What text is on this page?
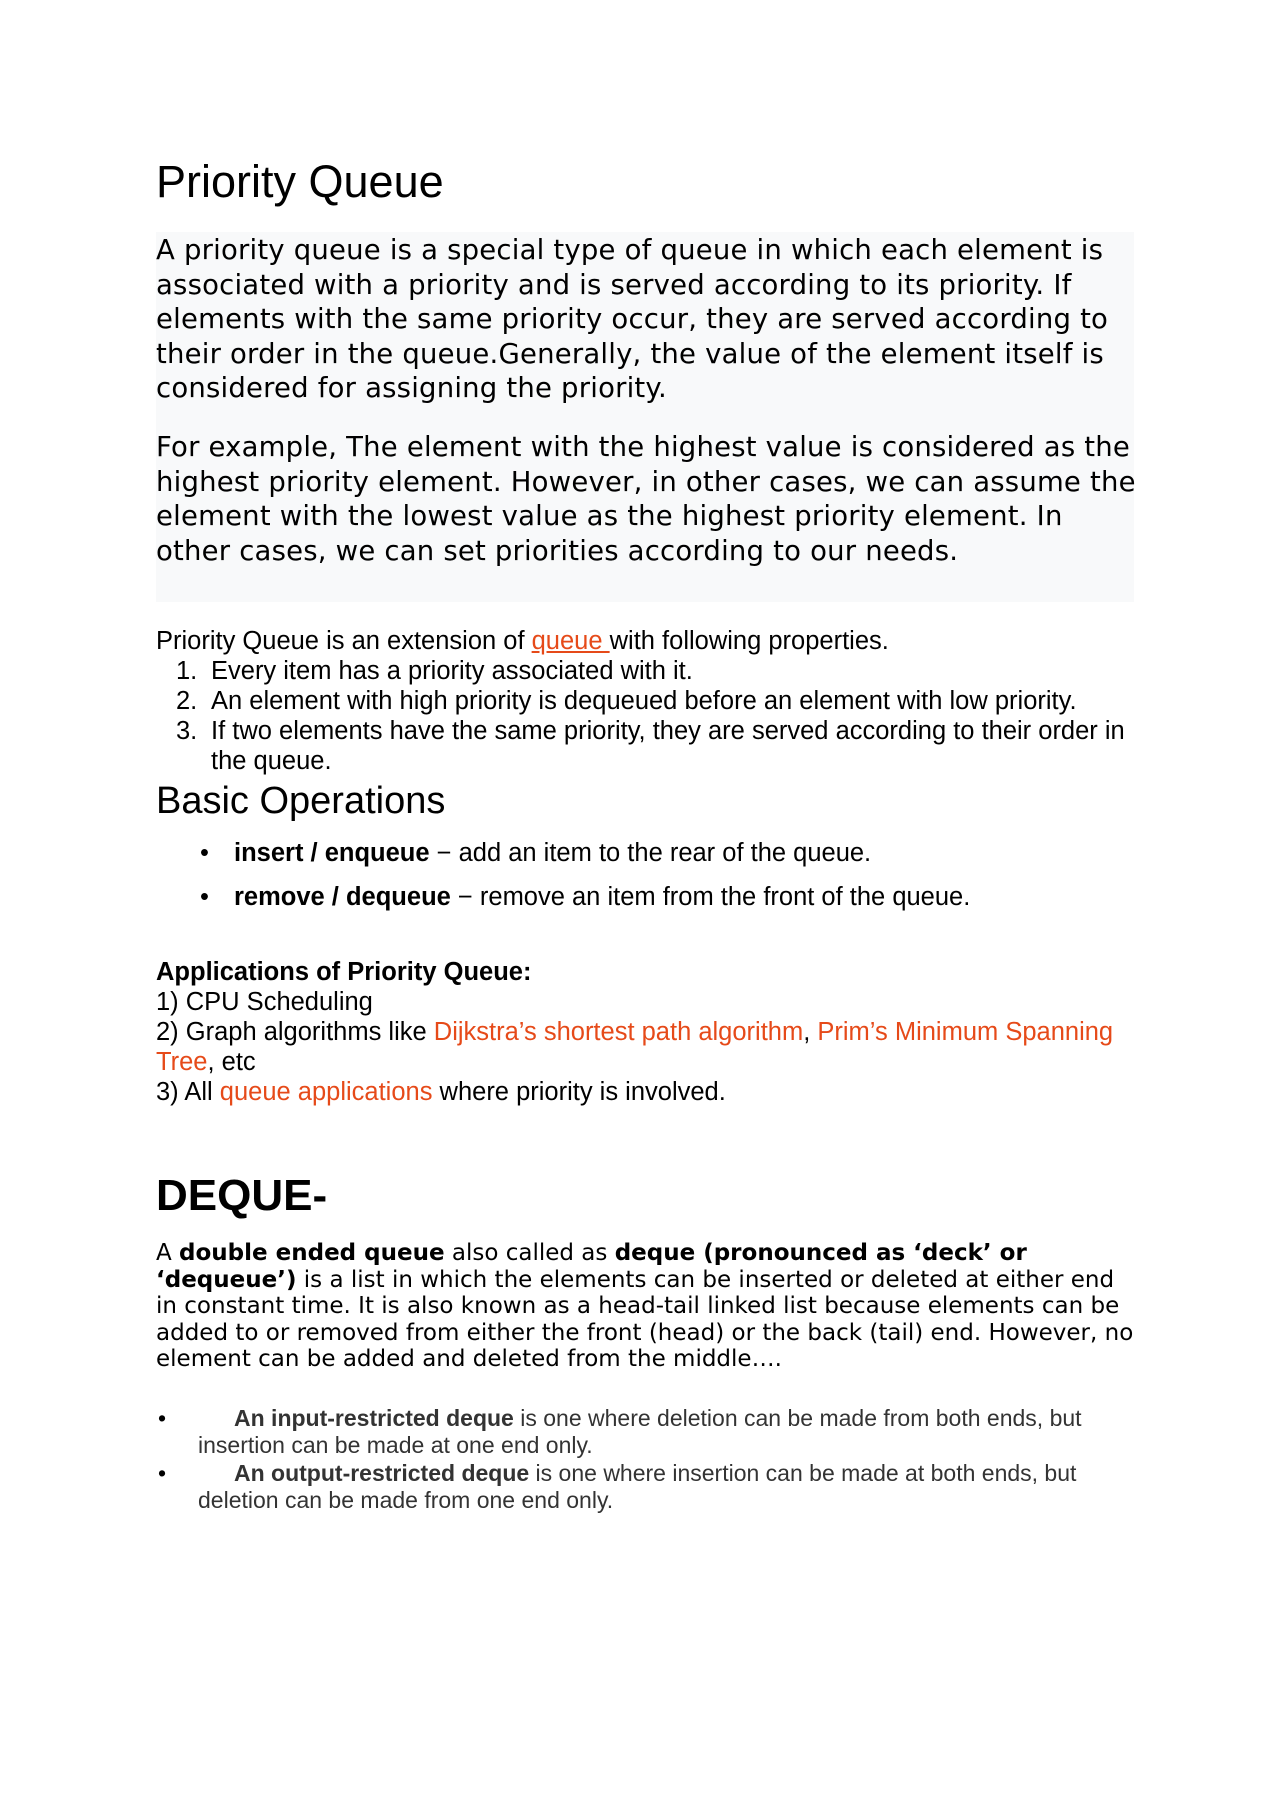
Priority Queue
A priority queue is a special type of queue in which each element is associated with a priority and is served according to its priority. If elements with the same priority occur, they are served according to their order in the queue.Generally, the value of the element itself is considered for assigning the priority.
For example, The element with the highest value is considered as the highest priority element. However, in other cases, we can assume the element with the lowest value as the highest priority element. In other cases, we can set priorities according to our needs.
Priority Queue is an extension of queue with following properties.
1. Every item has a priority associated with it.
2. An element with high priority is dequeued before an element with low priority.
3. If two elements have the same priority, they are served according to their order in the queue.
Basic Operations
• insert / enqueue − add an item to the rear of the queue.
• remove / dequeue − remove an item from the front of the queue.
Applications of Priority Queue:
1) CPU Scheduling
2) Graph algorithms like Dijkstra’s shortest path algorithm, Prim’s Minimum Spanning Tree, etc
3) All queue applications where priority is involved.
DEQUE-
A double ended queue also called as deque (pronounced as ‘deck’ or ‘dequeue’) is a list in which the elements can be inserted or deleted at either end in constant time. It is also known as a head-tail linked list because elements can be added to or removed from either the front (head) or the back (tail) end. However, no element can be added and deleted from the middle….
•	An input-restricted deque is one where deletion can be made from both ends, but insertion can be made at one end only.
•	An output-restricted deque is one where insertion can be made at both ends, but deletion can be made from one end only.
